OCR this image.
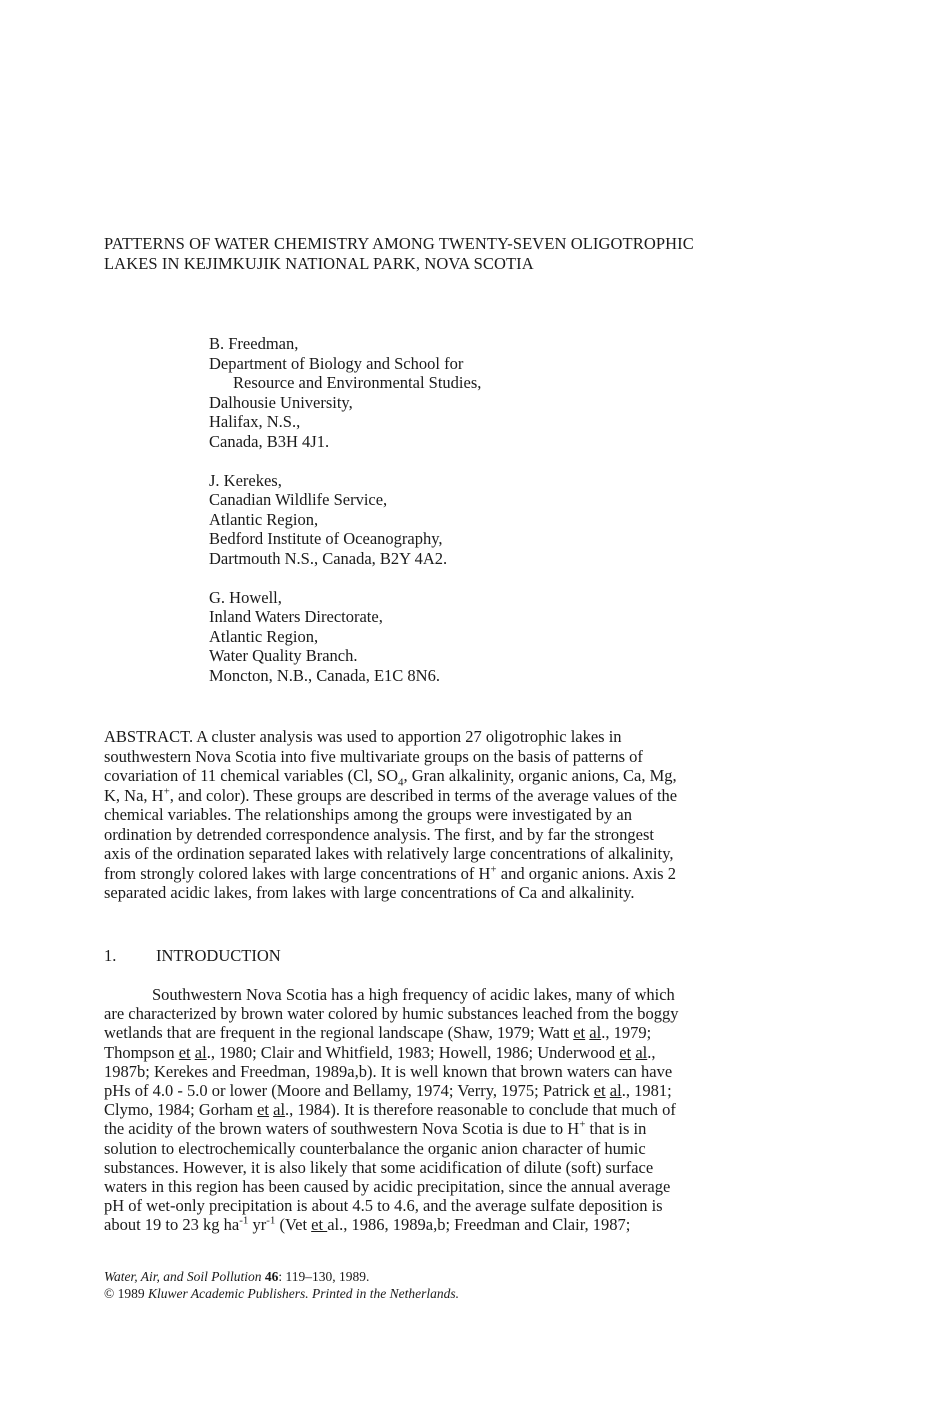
PATTERNS OF WATER CHEMISTRY AMONG TWENTY-SEVEN OLIGOTROPHIC
LAKES IN KEJIMKUJIK NATIONAL PARK, NOVA SCOTIA
B. Freedman,
Department of Biology and School for
Resource and Environmental Studies,
Dalhousie University,
Halifax, N.S.,
Canada, B3H 4J1.
J. Kerekes,
Canadian Wildlife Service,
Atlantic Region,
Bedford Institute of Oceanography,
Dartmouth N.S., Canada, B2Y 4A2.
G. Howell,
Inland Waters Directorate,
Atlantic Region,
Water Quality Branch.
Moncton, N.B., Canada, E1C 8N6.
ABSTRACT. A cluster analysis was used to apportion 27 oligotrophic lakes in
southwestern Nova Scotia into five multivariate groups on the basis of patterns of
covariation of 11 chemical variables (Cl, $SO_4$, Gran alkalinity, organic anions, Ca, Mg,
K, Na, H+, and color). These groups are described in terms of the average values of the
chemical variables. The relationships among the groups were investigated by an
ordination by detrended correspondence analysis. The first, and by far the strongest
axis of the ordination separated lakes with relatively large concentrations of alkalinity,
from strongly colored lakes with large concentrations of H+ and organic anions. Axis 2
separated acidic lakes, from lakes with large concentrations of Ca and alkalinity.
1. INTRODUCTION
Southwestern Nova Scotia has a high frequency of acidic lakes, many of which
are characterized by brown water colored by humic substances leached from the boggy
wetlands that are frequent in the regional landscape (Shaw, 1979; Watt et al., 1979;
Thompson et al., 1980; Clair and Whitfield, 1983; Howell, 1986; Underwood et al.,
1987b; Kerekes and Freedman, 1989a,b). It is well known that brown waters can have
pHs of 4.0 - 5.0 or lower (Moore and Bellamy, 1974; Verry, 1975; Patrick et al., 1981;
Clymo, 1984; Gorham et al., 1984). It is therefore reasonable to conclude that much of
the acidity of the brown waters of southwestern Nova Scotia is due to H+ that is in
solution to electrochemically counterbalance the organic anion character of humic
substances. However, it is also likely that some acidification of dilute (soft) surface
waters in this region has been caused by acidic precipitation, since the annual average
pH of wet-only precipitation is about 4.5 to 4.6, and the average sulfate deposition is
about 19 to 23 kg $ha^{-1}$ $yr^{-1}$ (Vet et al., 1986, 1989a,b; Freedman and Clair, 1987;
Water, Air, and Soil Pollution 46: 119–130, 1989.
© 1989 Kluwer Academic Publishers. Printed in the Netherlands.
